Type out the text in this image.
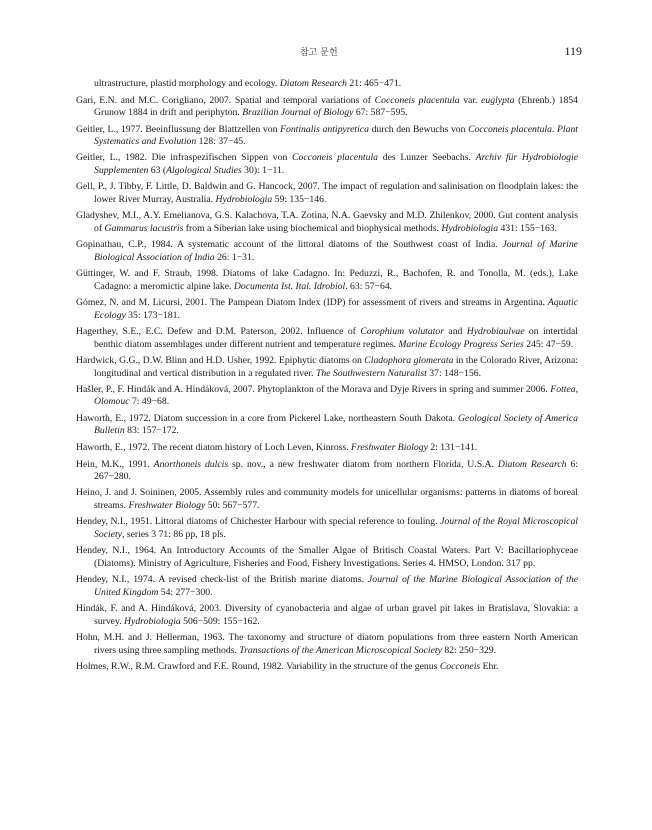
참고 문헌	119

ultrastructure, plastid morphology and ecology. Diatom Research 21: 465−471.

Gari, E.N. and M.C. Corigliano, 2007. Spatial and temporal variations of Cocconeis placentula var. euglypta (Ehrenb.) 1854 Grunow 1884 in drift and periphyton. Brazilian Journal of Biology 67: 587−595.

Geitler, L., 1977. Beeinflussung der Blattzellen von Fontinalis antipyretica durch den Bewuchs von Cocconeis placentula. Plant Systematics and Evolution 128: 37−45.

Geitler, L., 1982. Die infraspezifischen Sippen von Cocconeis placentula des Lunzer Seebachs. Archiv für Hydrobiologie Supplementen 63 (Algological Studies 30): 1−11.

Gell, P., J. Tibby, F. Little, D. Baldwin and G. Hancock, 2007. The impact of regulation and salinisation on floodplain lakes: the lower River Murray, Australia. Hydrobiologia 59: 135−146.

Gladyshev, M.I., A.Y. Emelianova, G.S. Kalachova, T.A. Zotina, N.A. Gaevsky and M.D. Zhilenkov, 2000. Gut content analysis of Gammarus lacustris from a Siberian lake using biochemical and biophysical methods. Hydrobiologia 431: 155−163.

Gopinathau, C.P., 1984. A systematic account of the littoral diatoms of the Southwest coast of India. Journal of Marine Biological Association of India 26: 1−31.

Güttinger, W. and F. Straub, 1998. Diatoms of lake Cadagno. In: Peduzzi, R., Bachofen, R. and Tonolla, M. (eds.), Lake Cadagno: a meromictic alpine lake. Documenta Ist. Ital. Idrobiol. 63: 57−64.

Gómez, N. and M. Licursi, 2001. The Pampean Diatom Index (IDP) for assessment of rivers and streams in Argentina. Aquatic Ecology 35: 173−181.

Hagerthey, S.E., E.C. Defew and D.M. Paterson, 2002. Influence of Corophium volutator and Hydrobiaulvae on intertidal benthic diatom assemblages under different nutrient and temperature regimes. Marine Ecology Progress Series 245: 47−59.

Hardwick, G.G., D.W. Blinn and H.D. Usher, 1992. Epiphytic diatoms on Cladophora glomerata in the Colorado River, Arizona: longitudinal and vertical distribution in a regulated river. The Southwestern Naturalist 37: 148−156.

Hašler, P., F. Hindák and A. Hindáková, 2007. Phytoplankton of the Morava and Dyje Rivers in spring and summer 2006. Fottea, Olomouc 7: 49−68.

Haworth, E., 1972. Diatom succession in a core from Pickerel Lake, northeastern South Dakota. Geological Society of America Bulletin 83: 157−172.

Haworth, E., 1972. The recent diatom history of Loch Leven, Kinross. Freshwater Biology 2: 131−141.

Hein, M.K., 1991. Anorthoneis dulcis sp. nov., a new freshwater diatom from northern Florida, U.S.A. Diatom Research 6: 267−280.

Heino, J. and J. Soininen, 2005. Assembly rules and community models for unicellular organisms: patterns in diatoms of boreal streams. Freshwater Biology 50: 567−577.

Hendey, N.I., 1951. Littoral diatoms of Chichester Harbour with special reference to fouling. Journal of the Royal Microscopical Society, series 3 71: 86 pp, 18 pls.

Hendey, N.I., 1964. An Introductory Accounts of the Smaller Algae of Britisch Coastal Waters. Part V: Bacillariophyceae (Diatoms). Ministry of Agriculture, Fisheries and Food, Fishery Investigations. Series 4. HMSO, London. 317 pp.

Hendey, N.I., 1974. A revised check-list of the British marine diatoms. Journal of the Marine Biological Association of the United Kingdom 54: 277−300.

Hindák, F. and A. Hindáková, 2003. Diversity of cyanobacteria and algae of urban gravel pit lakes in Bratislava, Slovakia: a survey. Hydrobiologia 506−509: 155−162.

Hohn, M.H. and J. Hellerman, 1963. The taxonomy and structure of diatom populations from three eastern North American rivers using three sampling methods. Transactions of the American Microscopical Society 82: 250−329.

Holmes, R.W., R.M. Crawford and F.E. Round, 1982. Variability in the structure of the genus Cocconeis Ehr.
